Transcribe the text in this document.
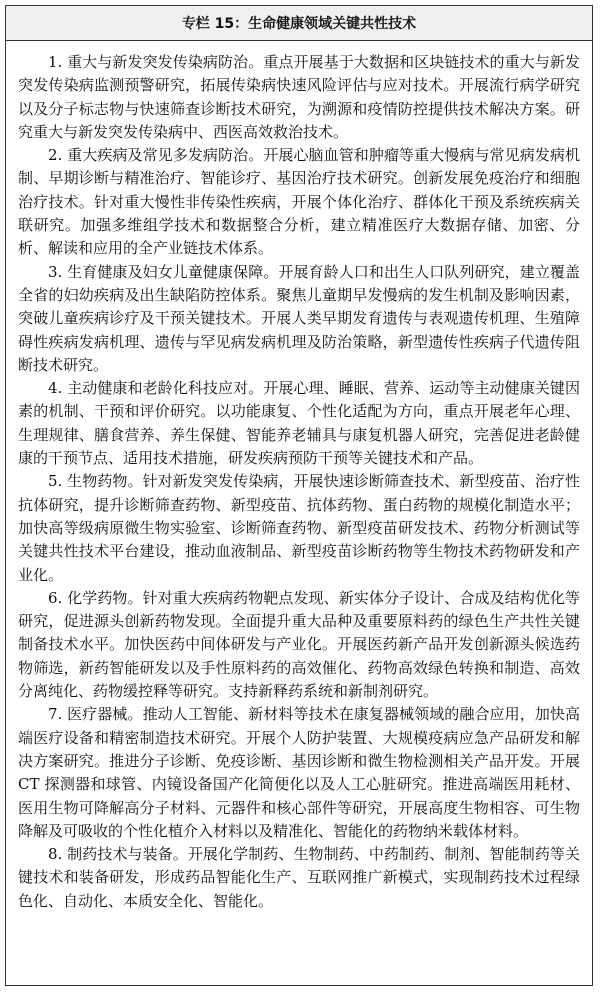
专栏 15：生命健康领域关键共性技术

1. 重大与新发突发传染病防治。重点开展基于大数据和区块链技术的重大与新发突发传染病监测预警研究，拓展传染病快速风险评估与应对技术。开展流行病学研究以及分子标志物与快速筛查诊断技术研究，为溯源和疫情防控提供技术解决方案。研究重大与新发突发传染病中、西医高效救治技术。

2. 重大疾病及常见多发病防治。开展心脑血管和肿瘤等重大慢病与常见病发病机制、早期诊断与精准治疗、智能诊疗、基因治疗技术研究。创新发展免疫治疗和细胞治疗技术。针对重大慢性非传染性疾病，开展个体化治疗、群体化干预及系统疾病关联研究。加强多维组学技术和数据整合分析，建立精准医疗大数据存储、加密、分析、解读和应用的全产业链技术体系。

3. 生育健康及妇女儿童健康保障。开展育龄人口和出生人口队列研究，建立覆盖全省的妇幼疾病及出生缺陷防控体系。聚焦儿童期早发慢病的发生机制及影响因素，突破儿童疾病诊疗及干预关键技术。开展人类早期发育遗传与表观遗传机理、生殖障碍性疾病发病机理、遗传与罕见病发病机理及防治策略，新型遗传性疾病子代遗传阻断技术研究。

4. 主动健康和老龄化科技应对。开展心理、睡眠、营养、运动等主动健康关键因素的机制、干预和评价研究。以功能康复、个性化适配为方向，重点开展老年心理、生理规律、膳食营养、养生保健、智能养老辅具与康复机器人研究，完善促进老龄健康的干预节点、适用技术措施，研发疾病预防干预等关键技术和产品。

5. 生物药物。针对新发突发传染病，开展快速诊断筛查技术、新型疫苗、治疗性抗体研究，提升诊断筛查药物、新型疫苗、抗体药物、蛋白药物的规模化制造水平；加快高等级病原微生物实验室、诊断筛查药物、新型疫苗研发技术、药物分析测试等关键共性技术平台建设，推动血液制品、新型疫苗诊断药物等生物技术药物研发和产业化。

6. 化学药物。针对重大疾病药物靶点发现、新实体分子设计、合成及结构优化等研究，促进源头创新药物发现。全面提升重大品种及重要原料药的绿色生产共性关键制备技术水平。加快医药中间体研发与产业化。开展医药新产品开发创新源头候选药物筛选，新药智能研发以及手性原料药的高效催化、药物高效绿色转换和制造、高效分离纯化、药物缓控释等研究。支持新释药系统和新制剂研究。

7. 医疗器械。推动人工智能、新材料等技术在康复器械领域的融合应用，加快高端医疗设备和精密制造技术研究。开展个人防护装置、大规模疫病应急产品研发和解决方案研究。推进分子诊断、免疫诊断、基因诊断和微生物检测相关产品开发。开展 CT 探测器和球管、内镜设备国产化简便化以及人工心脏研究。推进高端医用耗材、医用生物可降解高分子材料、元器件和核心部件等研究，开展高度生物相容、可生物降解及可吸收的个性化植介入材料以及精准化、智能化的药物纳米载体材料。

8. 制药技术与装备。开展化学制药、生物制药、中药制药、制剂、智能制药等关键技术和装备研发，形成药品智能化生产、互联网推广新模式，实现制药技术过程绿色化、自动化、本质安全化、智能化。
